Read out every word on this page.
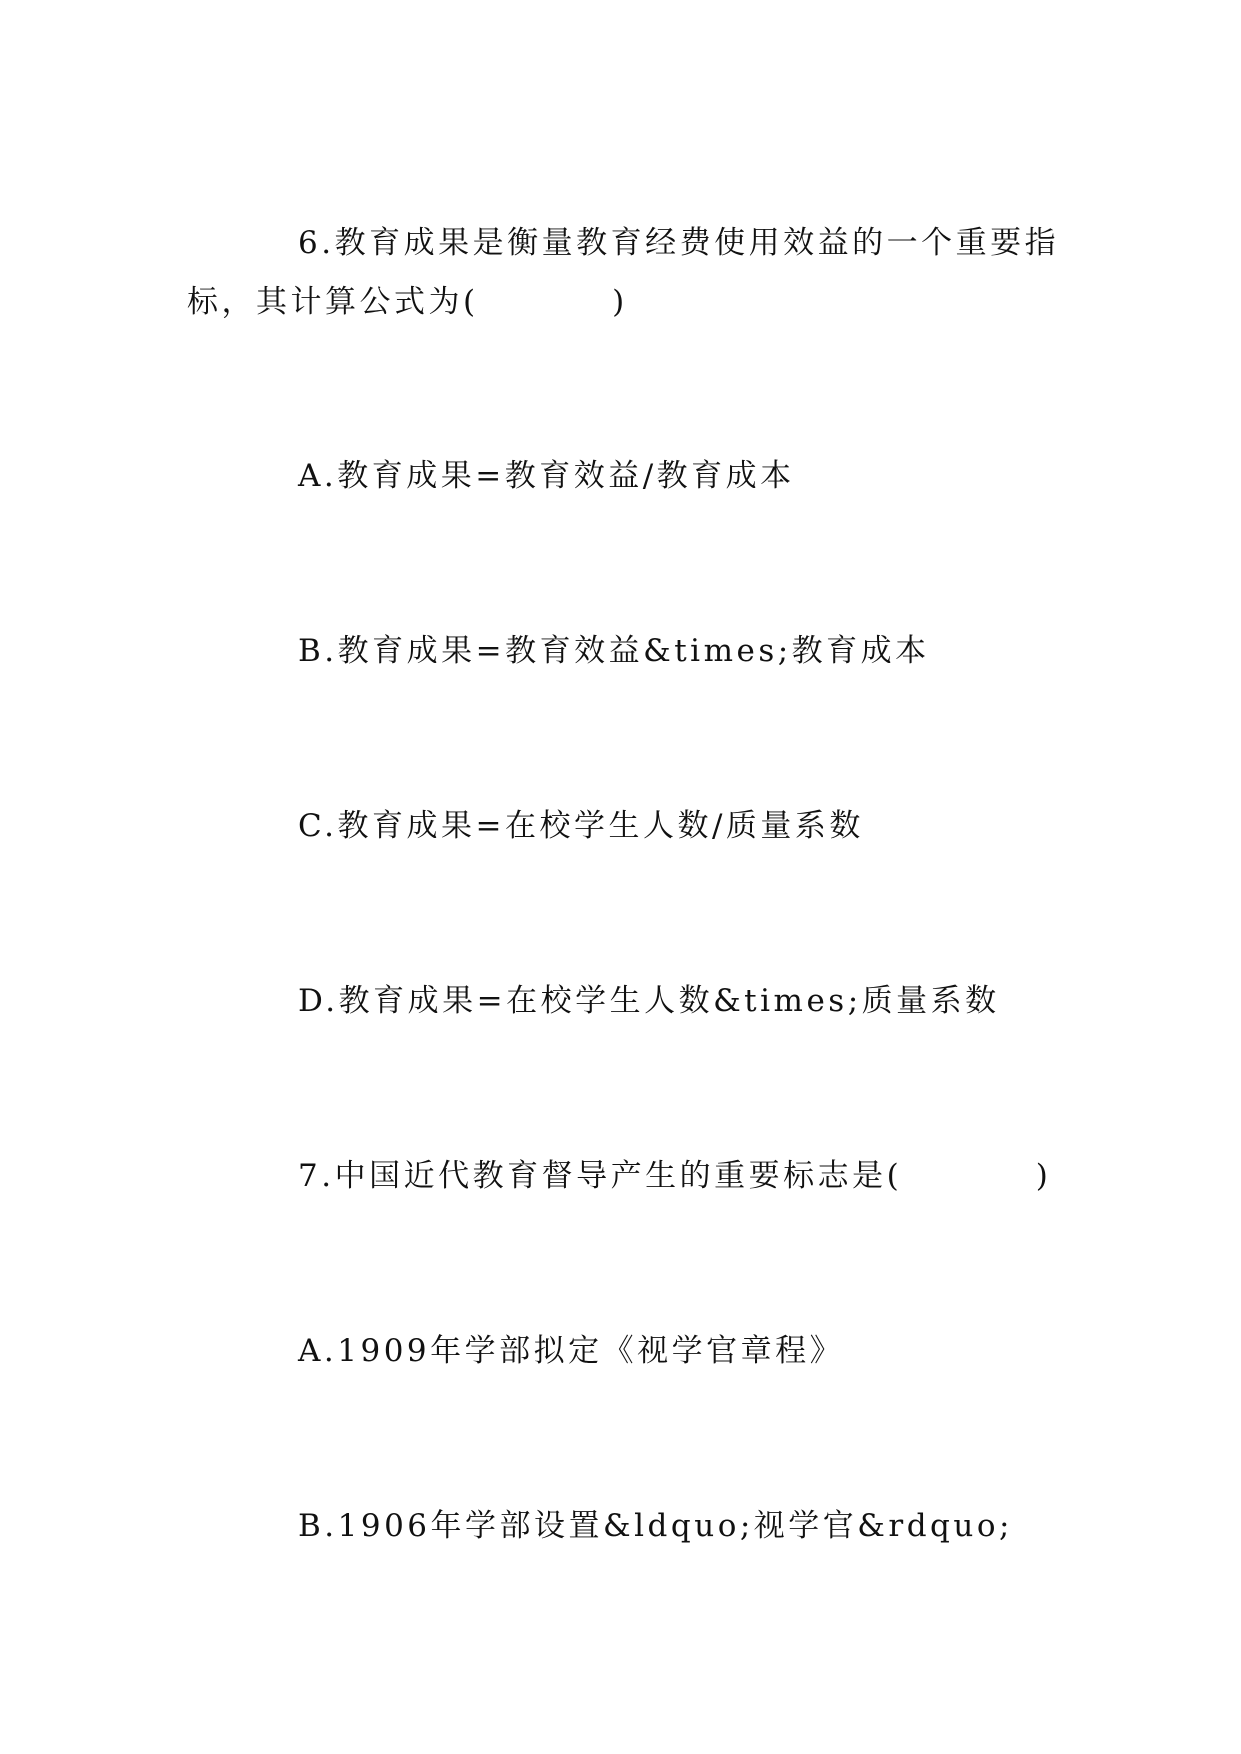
6.教育成果是衡量教育经费使用效益的一个重要指
标，其计算公式为(          )
A.教育成果=教育效益/教育成本
B.教育成果=教育效益&times;教育成本
C.教育成果=在校学生人数/质量系数
D.教育成果=在校学生人数&times;质量系数
7.中国近代教育督导产生的重要标志是(          )
A.1909年学部拟定《视学官章程》
B.1906年学部设置&ldquo;视学官&rdquo;
